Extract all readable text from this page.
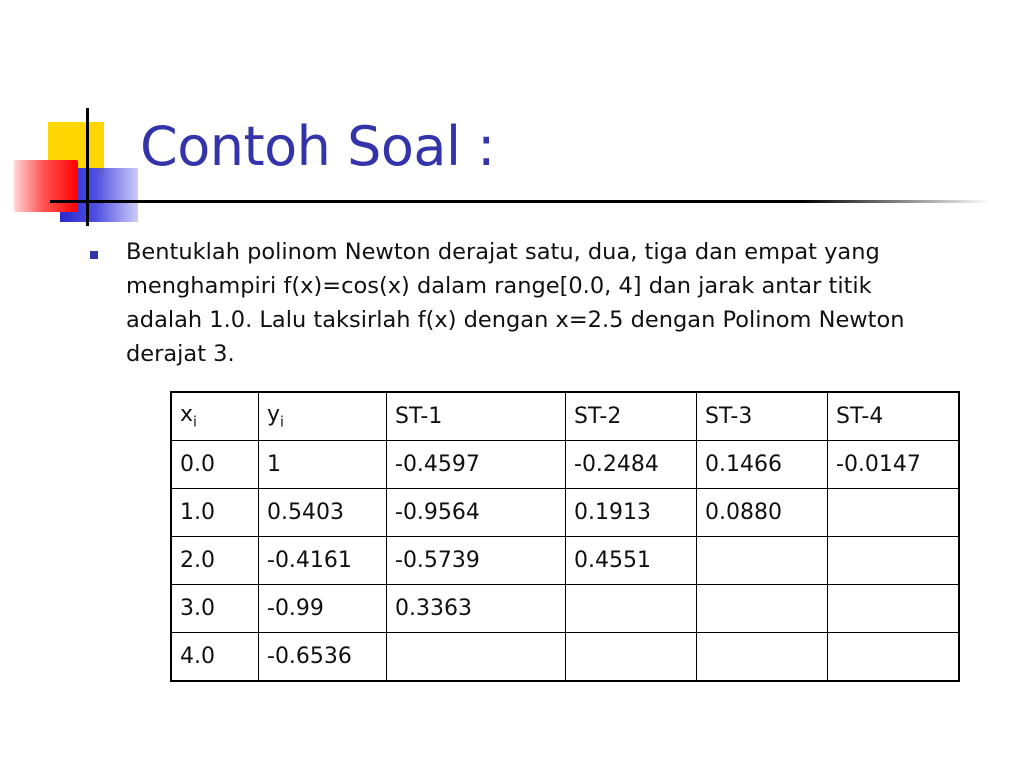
Contoh Soal :
Bentuklah polinom Newton derajat satu, dua, tiga dan empat yang menghampiri f(x)=cos(x) dalam range[0.0, 4] dan jarak antar titik adalah 1.0. Lalu taksirlah f(x) dengan x=2.5 dengan Polinom Newton derajat 3.
$x_i$	$y_i$	ST-1	ST-2	ST-3	ST-4
0.0	1	-0.4597	-0.2484	0.1466	-0.0147
1.0	0.5403	-0.9564	0.1913	0.0880	
2.0	-0.4161	-0.5739	0.4551		
3.0	-0.99	0.3363			
4.0	-0.6536				
